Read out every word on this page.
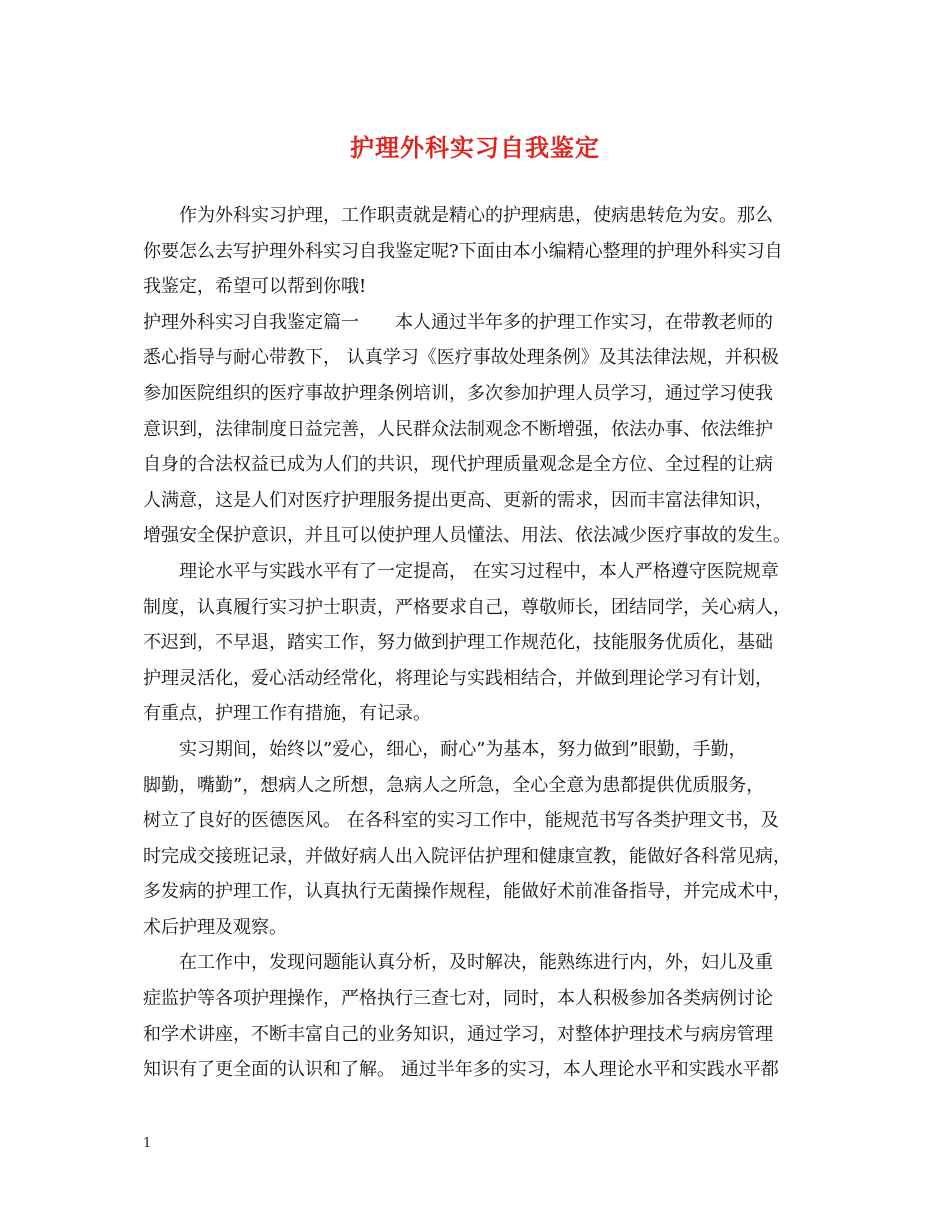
护理外科实习自我鉴定
作为外科实习护理，工作职责就是精心的护理病患，使病患转危为安。那么
你要怎么去写护理外科实习自我鉴定呢?下面由本小编精心整理的护理外科实习自
我鉴定，希望可以帮到你哦!
护理外科实习自我鉴定篇一　　本人通过半年多的护理工作实习，在带教老师的
悉心指导与耐心带教下， 认真学习《医疗事故处理条例》及其法律法规，并积极
参加医院组织的医疗事故护理条例培训，多次参加护理人员学习，通过学习使我
意识到，法律制度日益完善，人民群众法制观念不断增强，依法办事、依法维护
自身的合法权益已成为人们的共识，现代护理质量观念是全方位、全过程的让病
人满意，这是人们对医疗护理服务提出更高、更新的需求，因而丰富法律知识，
增强安全保护意识，并且可以使护理人员懂法、用法、依法减少医疗事故的发生。
理论水平与实践水平有了一定提高， 在实习过程中，本人严格遵守医院规章
制度，认真履行实习护士职责，严格要求自己，尊敬师长，团结同学，关心病人，
不迟到，不早退，踏实工作，努力做到护理工作规范化，技能服务优质化，基础
护理灵活化，爱心活动经常化，将理论与实践相结合，并做到理论学习有计划，
有重点，护理工作有措施，有记录。
实习期间，始终以”爱心，细心，耐心”为基本，努力做到”眼勤，手勤，
脚勤，嘴勤”，想病人之所想，急病人之所急，全心全意为患都提供优质服务，
树立了良好的医德医风。 在各科室的实习工作中，能规范书写各类护理文书，及
时完成交接班记录，并做好病人出入院评估护理和健康宣教，能做好各科常见病，
多发病的护理工作，认真执行无菌操作规程，能做好术前准备指导，并完成术中，
术后护理及观察。
在工作中，发现问题能认真分析，及时解决，能熟练进行内，外，妇儿及重
症监护等各项护理操作，严格执行三查七对，同时，本人积极参加各类病例讨论
和学术讲座，不断丰富自己的业务知识，通过学习，对整体护理技术与病房管理
知识有了更全面的认识和了解。 通过半年多的实习，本人理论水平和实践水平都
1
